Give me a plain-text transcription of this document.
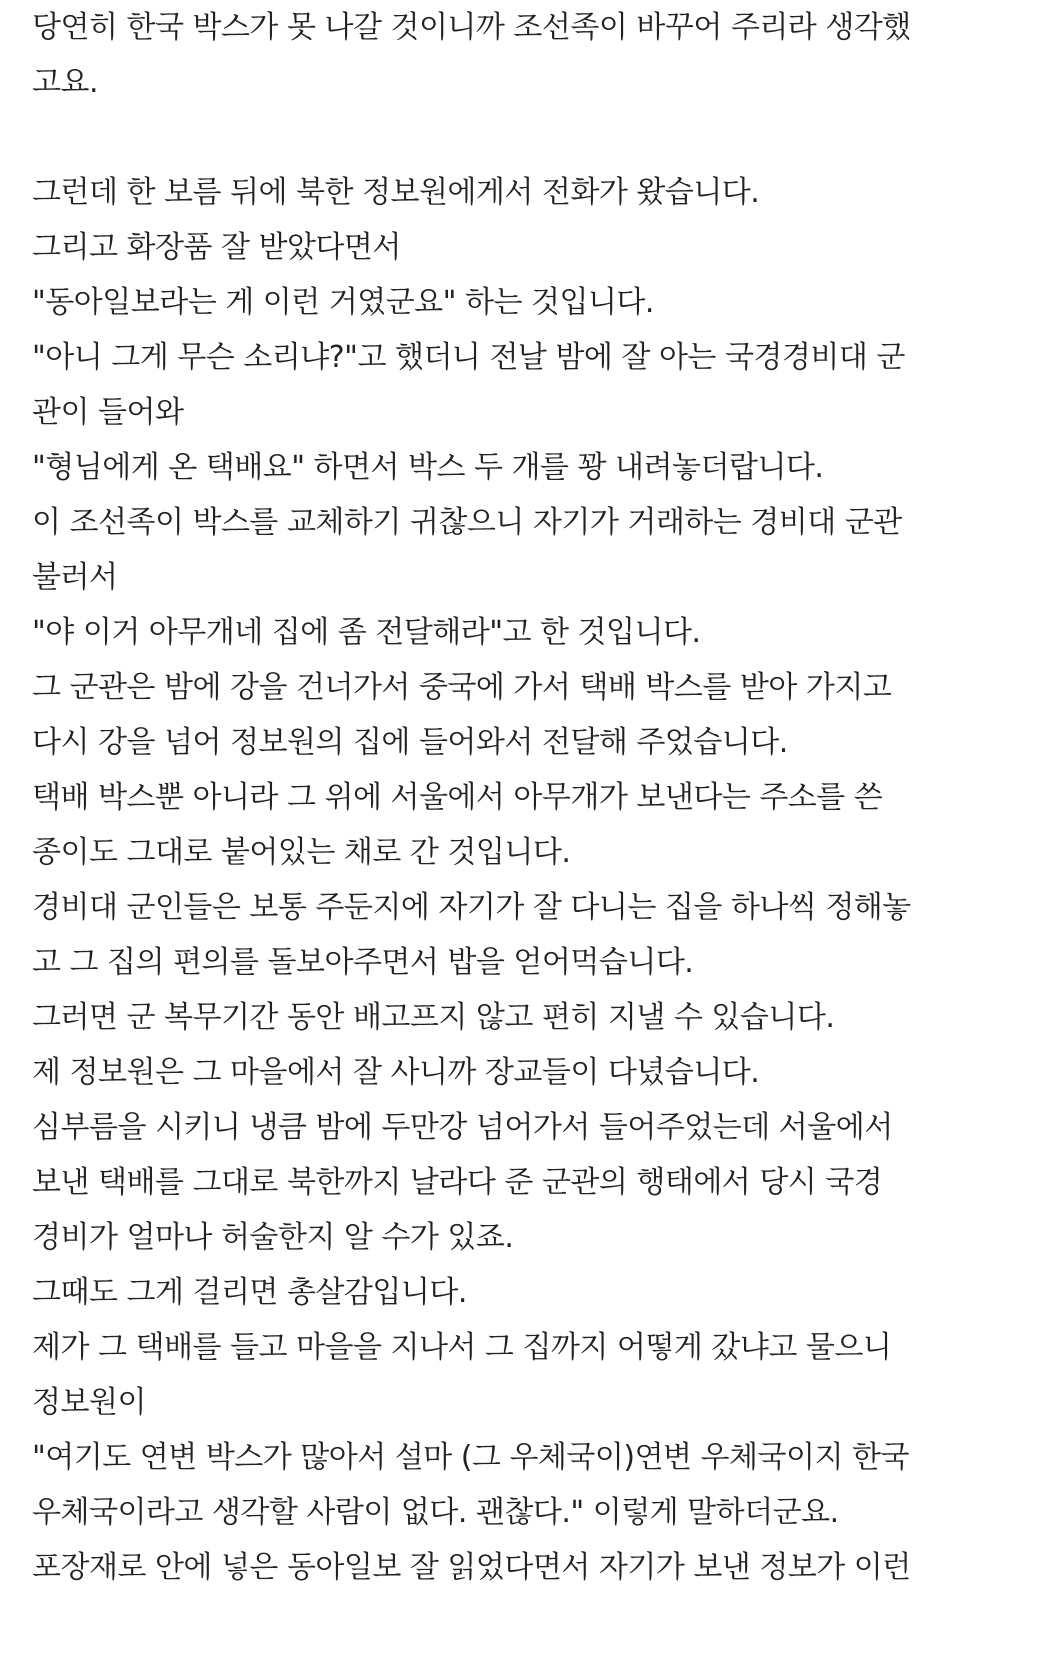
당연히 한국 박스가 못 나갈 것이니까 조선족이 바꾸어 주리라 생각했
고요.
그런데 한 보름 뒤에 북한 정보원에게서 전화가 왔습니다.
그리고 화장품 잘 받았다면서
"동아일보라는 게 이런 거였군요" 하는 것입니다.
"아니 그게 무슨 소리냐?"고 했더니 전날 밤에 잘 아는 국경경비대 군
관이 들어와
"형님에게 온 택배요" 하면서 박스 두 개를 꽝 내려놓더랍니다.
이 조선족이 박스를 교체하기 귀찮으니 자기가 거래하는 경비대 군관
불러서
"야 이거 아무개네 집에 좀 전달해라"고 한 것입니다.
그 군관은 밤에 강을 건너가서 중국에 가서 택배 박스를 받아 가지고
다시 강을 넘어 정보원의 집에 들어와서 전달해 주었습니다.
택배 박스뿐 아니라 그 위에 서울에서 아무개가 보낸다는 주소를 쓴
종이도 그대로 붙어있는 채로 간 것입니다.
경비대 군인들은 보통 주둔지에 자기가 잘 다니는 집을 하나씩 정해놓
고 그 집의 편의를 돌보아주면서 밥을 얻어먹습니다.
그러면 군 복무기간 동안 배고프지 않고 편히 지낼 수 있습니다.
제 정보원은 그 마을에서 잘 사니까 장교들이 다녔습니다.
심부름을 시키니 냉큼 밤에 두만강 넘어가서 들어주었는데 서울에서
보낸 택배를 그대로 북한까지 날라다 준 군관의 행태에서 당시 국경
경비가 얼마나 허술한지 알 수가 있죠.
그때도 그게 걸리면 총살감입니다.
제가 그 택배를 들고 마을을 지나서 그 집까지 어떻게 갔냐고 물으니
정보원이
"여기도 연변 박스가 많아서 설마 (그 우체국이)연변 우체국이지 한국
우체국이라고 생각할 사람이 없다. 괜찮다." 이렇게 말하더군요.
포장재로 안에 넣은 동아일보 잘 읽었다면서 자기가 보낸 정보가 이런
